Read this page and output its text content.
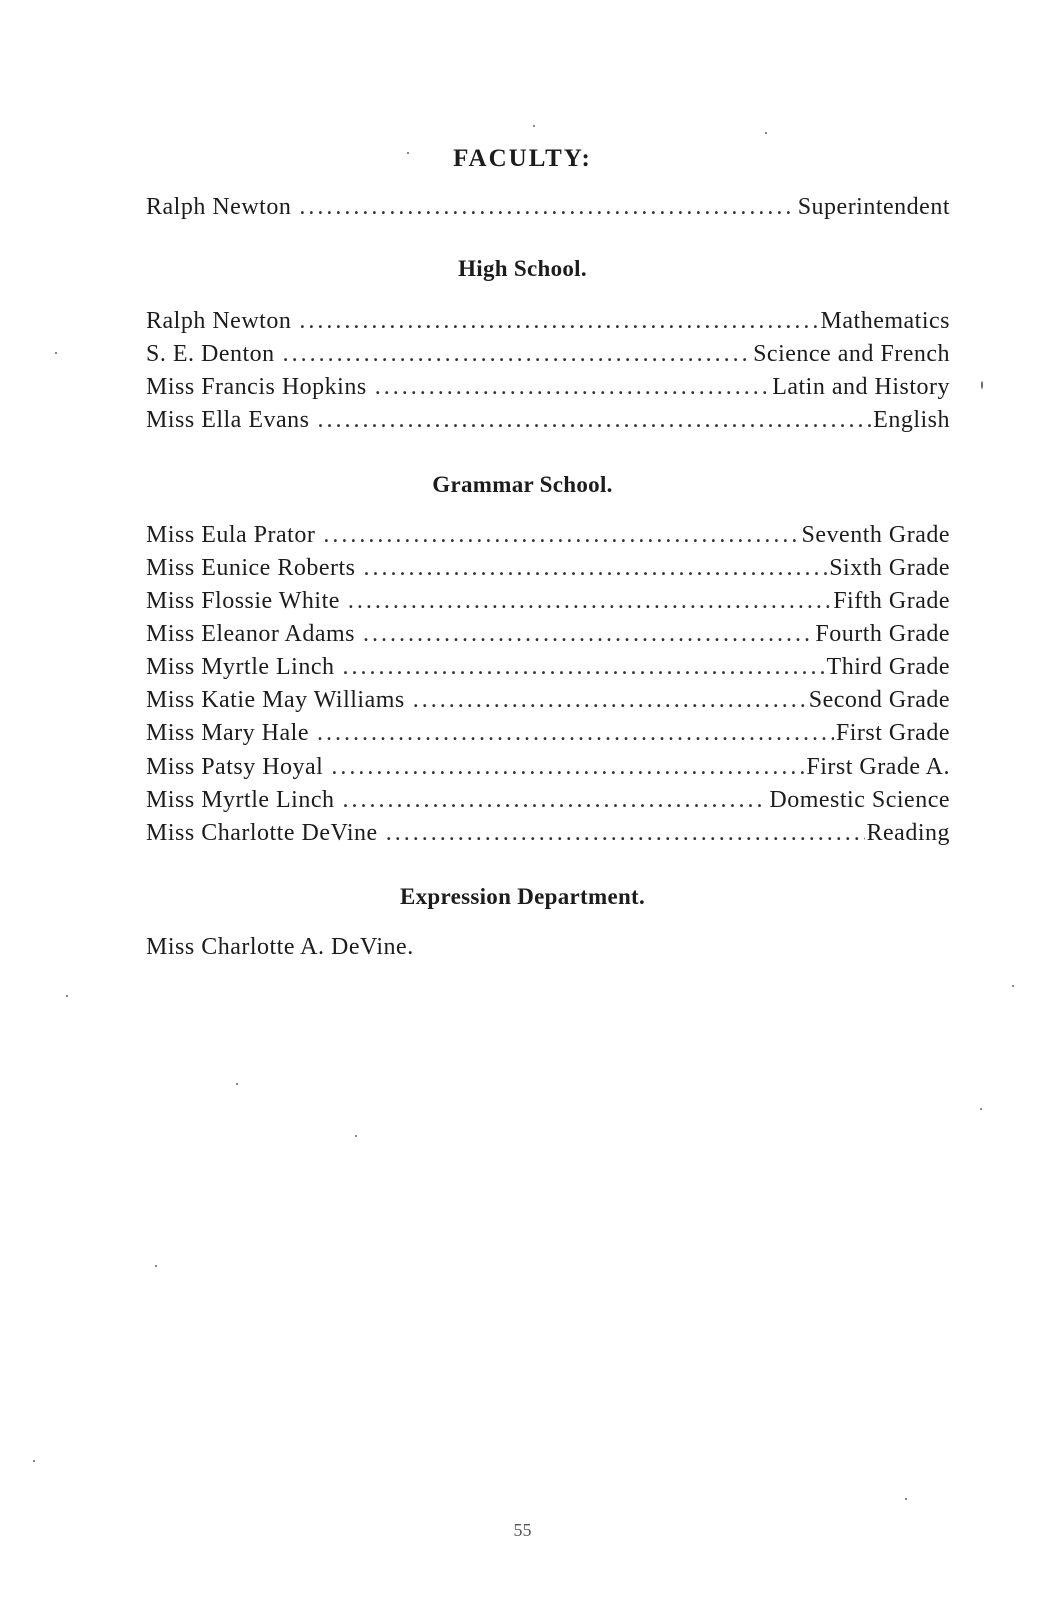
FACULTY:
Ralph Newton .....	Superintendent
High School.
Ralph Newton .....	Mathematics
S. E. Denton .....	Science and French
Miss Francis Hopkins .....	Latin and History
Miss Ella Evans .....	English
Grammar School.
Miss Eula Prator .....	Seventh Grade
Miss Eunice Roberts .....	Sixth Grade
Miss Flossie White .....	Fifth Grade
Miss Eleanor Adams .....	Fourth Grade
Miss Myrtle Linch .....	Third Grade
Miss Katie May Williams .....	Second Grade
Miss Mary Hale .....	First Grade
Miss Patsy Hoyal .....	First Grade A.
Miss Myrtle Linch .....	Domestic Science
Miss Charlotte DeVine .....	Reading
Expression Department.
Miss Charlotte A. DeVine.
55
